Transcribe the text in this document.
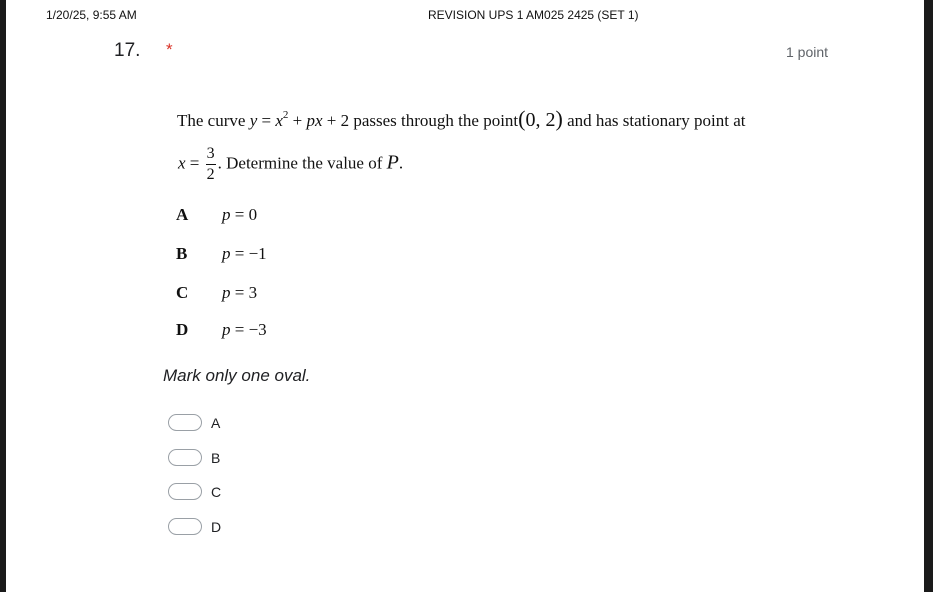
1/20/25, 9:55 AM	REVISION UPS 1 AM025 2425 (SET 1)
17. *	1 point
The curve $y = x^2$ + px + 2 passes through the point(0, 2) and has stationary point at
$x = \frac{3}{2}$ . Determine the value of P.
A p = 0
B p = −1
C p = 3
D p = −3
Mark only one oval.
A
B
C
D
